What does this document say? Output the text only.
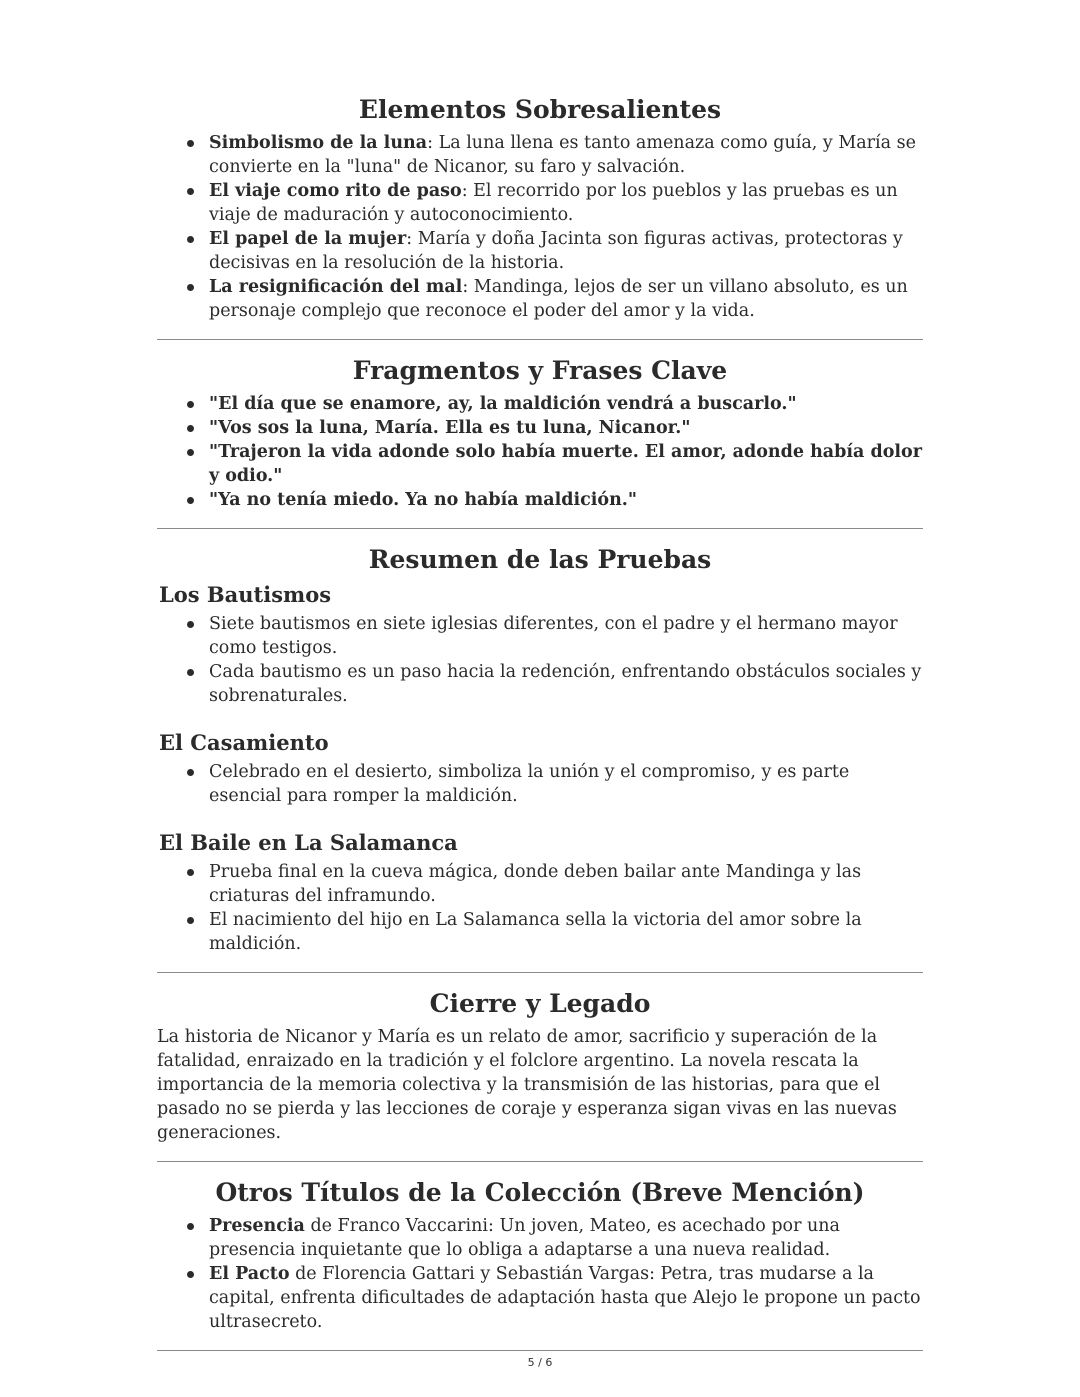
Elementos Sobresalientes
Simbolismo de la luna: La luna llena es tanto amenaza como guía, y María se convierte en la "luna" de Nicanor, su faro y salvación.
El viaje como rito de paso: El recorrido por los pueblos y las pruebas es un viaje de maduración y autoconocimiento.
El papel de la mujer: María y doña Jacinta son figuras activas, protectoras y decisivas en la resolución de la historia.
La resignificación del mal: Mandinga, lejos de ser un villano absoluto, es un personaje complejo que reconoce el poder del amor y la vida.
Fragmentos y Frases Clave
"El día que se enamore, ay, la maldición vendrá a buscarlo."
"Vos sos la luna, María. Ella es tu luna, Nicanor."
"Trajeron la vida adonde solo había muerte. El amor, adonde había dolor y odio."
"Ya no tenía miedo. Ya no había maldición."
Resumen de las Pruebas
Los Bautismos
Siete bautismos en siete iglesias diferentes, con el padre y el hermano mayor como testigos.
Cada bautismo es un paso hacia la redención, enfrentando obstáculos sociales y sobrenaturales.
El Casamiento
Celebrado en el desierto, simboliza la unión y el compromiso, y es parte esencial para romper la maldición.
El Baile en La Salamanca
Prueba final en la cueva mágica, donde deben bailar ante Mandinga y las criaturas del inframundo.
El nacimiento del hijo en La Salamanca sella la victoria del amor sobre la maldición.
Cierre y Legado

La historia de Nicanor y María es un relato de amor, sacrificio y superación de la fatalidad, enraizado en la tradición y el folclore argentino. La novela rescata la importancia de la memoria colectiva y la transmisión de las historias, para que el pasado no se pierda y las lecciones de coraje y esperanza sigan vivas en las nuevas generaciones.

Otros Títulos de la Colección (Breve Mención)
Presencia de Franco Vaccarini: Un joven, Mateo, es acechado por una presencia inquietante que lo obliga a adaptarse a una nueva realidad.
El Pacto de Florencia Gattari y Sebastián Vargas: Petra, tras mudarse a la capital, enfrenta dificultades de adaptación hasta que Alejo le propone un pacto ultrasecreto.
5 / 6
